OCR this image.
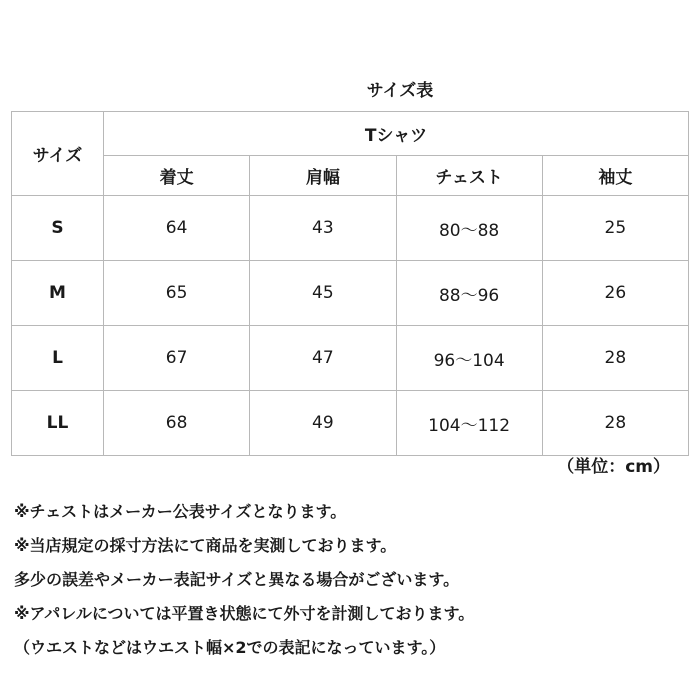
サイズ表
サイズ	Tシャツ			
	着丈	肩幅	チェスト	袖丈
S	64	43	80〜88	25
M	65	45	88〜96	26
L	67	47	96〜104	28
LL	68	49	104〜112	28
（単位：cm）
※チェストはメーカー公表サイズとなります。
※当店規定の採寸方法にて商品を実測しております。
多少の誤差やメーカー表記サイズと異なる場合がございます。
※アパレルについては平置き状態にて外寸を計測しております。
（ウエストなどはウエスト幅×2での表記になっています。）
